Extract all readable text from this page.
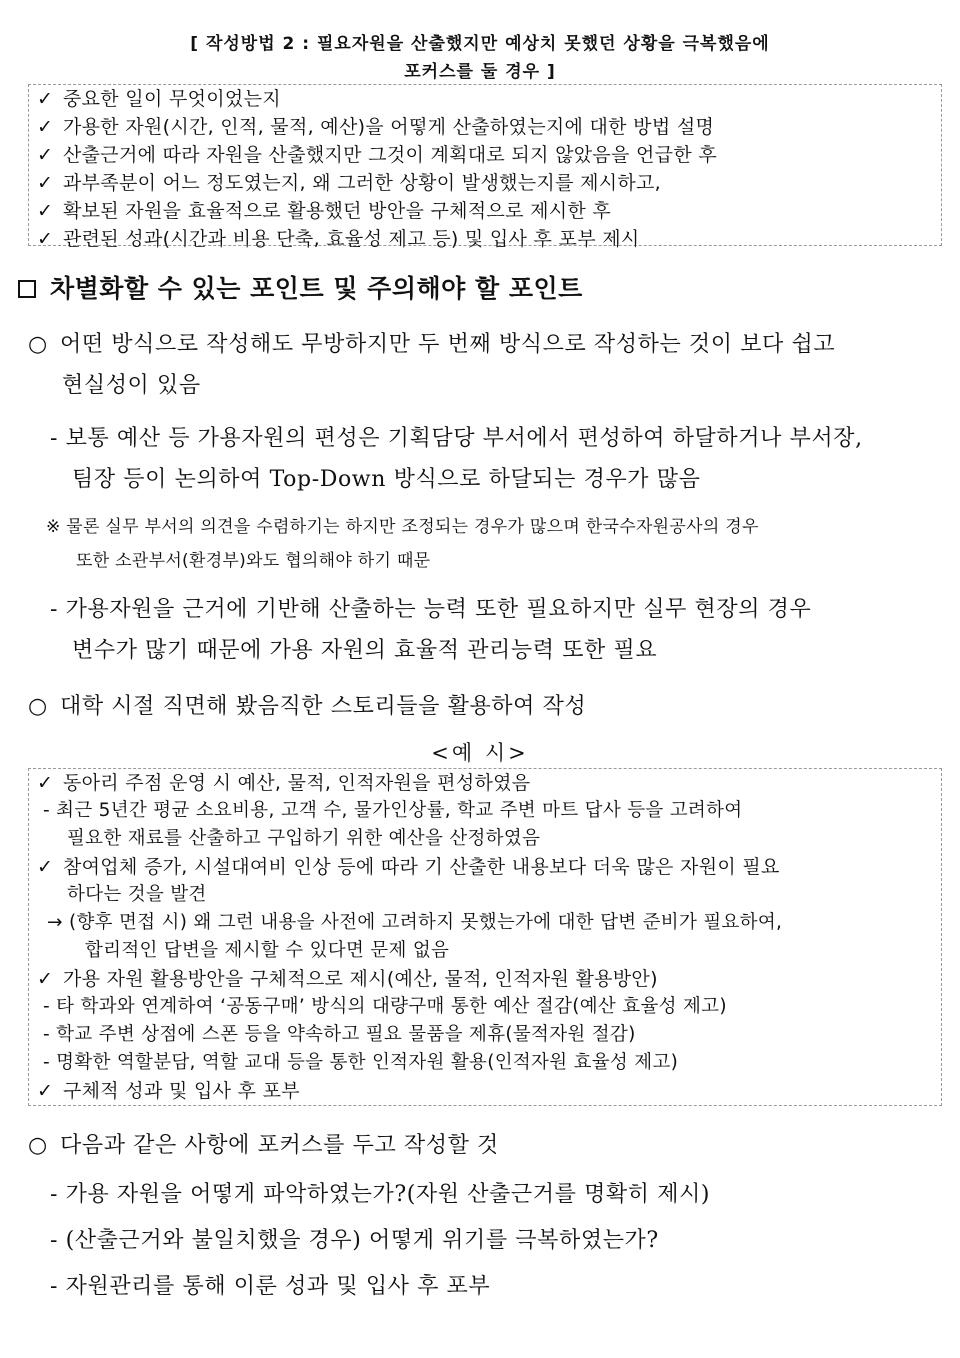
[ 작성방법 2 : 필요자원을 산출했지만 예상치 못했던 상황을 극복했음에
포커스를 둘 경우 ]
✓ 중요한 일이 무엇이었는지
✓ 가용한 자원(시간, 인적, 물적, 예산)을 어떻게 산출하였는지에 대한 방법 설명
✓ 산출근거에 따라 자원을 산출했지만 그것이 계획대로 되지 않았음을 언급한 후
✓ 과부족분이 어느 정도였는지, 왜 그러한 상황이 발생했는지를 제시하고,
✓ 확보된 자원을 효율적으로 활용했던 방안을 구체적으로 제시한 후
✓ 관련된 성과(시간과 비용 단축, 효율성 제고 등) 및 입사 후 포부 제시
차별화할 수 있는 포인트 및 주의해야 할 포인트
○ 어떤 방식으로 작성해도 무방하지만 두 번째 방식으로 작성하는 것이 보다 쉽고
현실성이 있음
- 보통 예산 등 가용자원의 편성은 기획담당 부서에서 편성하여 하달하거나 부서장,
팀장 등이 논의하여 Top-Down 방식으로 하달되는 경우가 많음
※ 물론 실무 부서의 의견을 수렴하기는 하지만 조정되는 경우가 많으며 한국수자원공사의 경우
또한 소관부서(환경부)와도 협의해야 하기 때문
- 가용자원을 근거에 기반해 산출하는 능력 또한 필요하지만 실무 현장의 경우
변수가 많기 때문에 가용 자원의 효율적 관리능력 또한 필요
○ 대학 시절 직면해 봤음직한 스토리들을 활용하여 작성
<예 시>
✓ 동아리 주점 운영 시 예산, 물적, 인적자원을 편성하였음
- 최근 5년간 평균 소요비용, 고객 수, 물가인상률, 학교 주변 마트 답사 등을 고려하여
필요한 재료를 산출하고 구입하기 위한 예산을 산정하였음
✓ 참여업체 증가, 시설대여비 인상 등에 따라 기 산출한 내용보다 더욱 많은 자원이 필요
하다는 것을 발견
→ (향후 면접 시) 왜 그런 내용을 사전에 고려하지 못했는가에 대한 답변 준비가 필요하여,
합리적인 답변을 제시할 수 있다면 문제 없음
✓ 가용 자원 활용방안을 구체적으로 제시(예산, 물적, 인적자원 활용방안)
- 타 학과와 연계하여 ‘공동구매’ 방식의 대량구매 통한 예산 절감(예산 효율성 제고)
- 학교 주변 상점에 스폰 등을 약속하고 필요 물품을 제휴(물적자원 절감)
- 명확한 역할분담, 역할 교대 등을 통한 인적자원 활용(인적자원 효율성 제고)
✓ 구체적 성과 및 입사 후 포부
○ 다음과 같은 사항에 포커스를 두고 작성할 것
- 가용 자원을 어떻게 파악하였는가?(자원 산출근거를 명확히 제시)
- (산출근거와 불일치했을 경우) 어떻게 위기를 극복하였는가?
- 자원관리를 통해 이룬 성과 및 입사 후 포부
